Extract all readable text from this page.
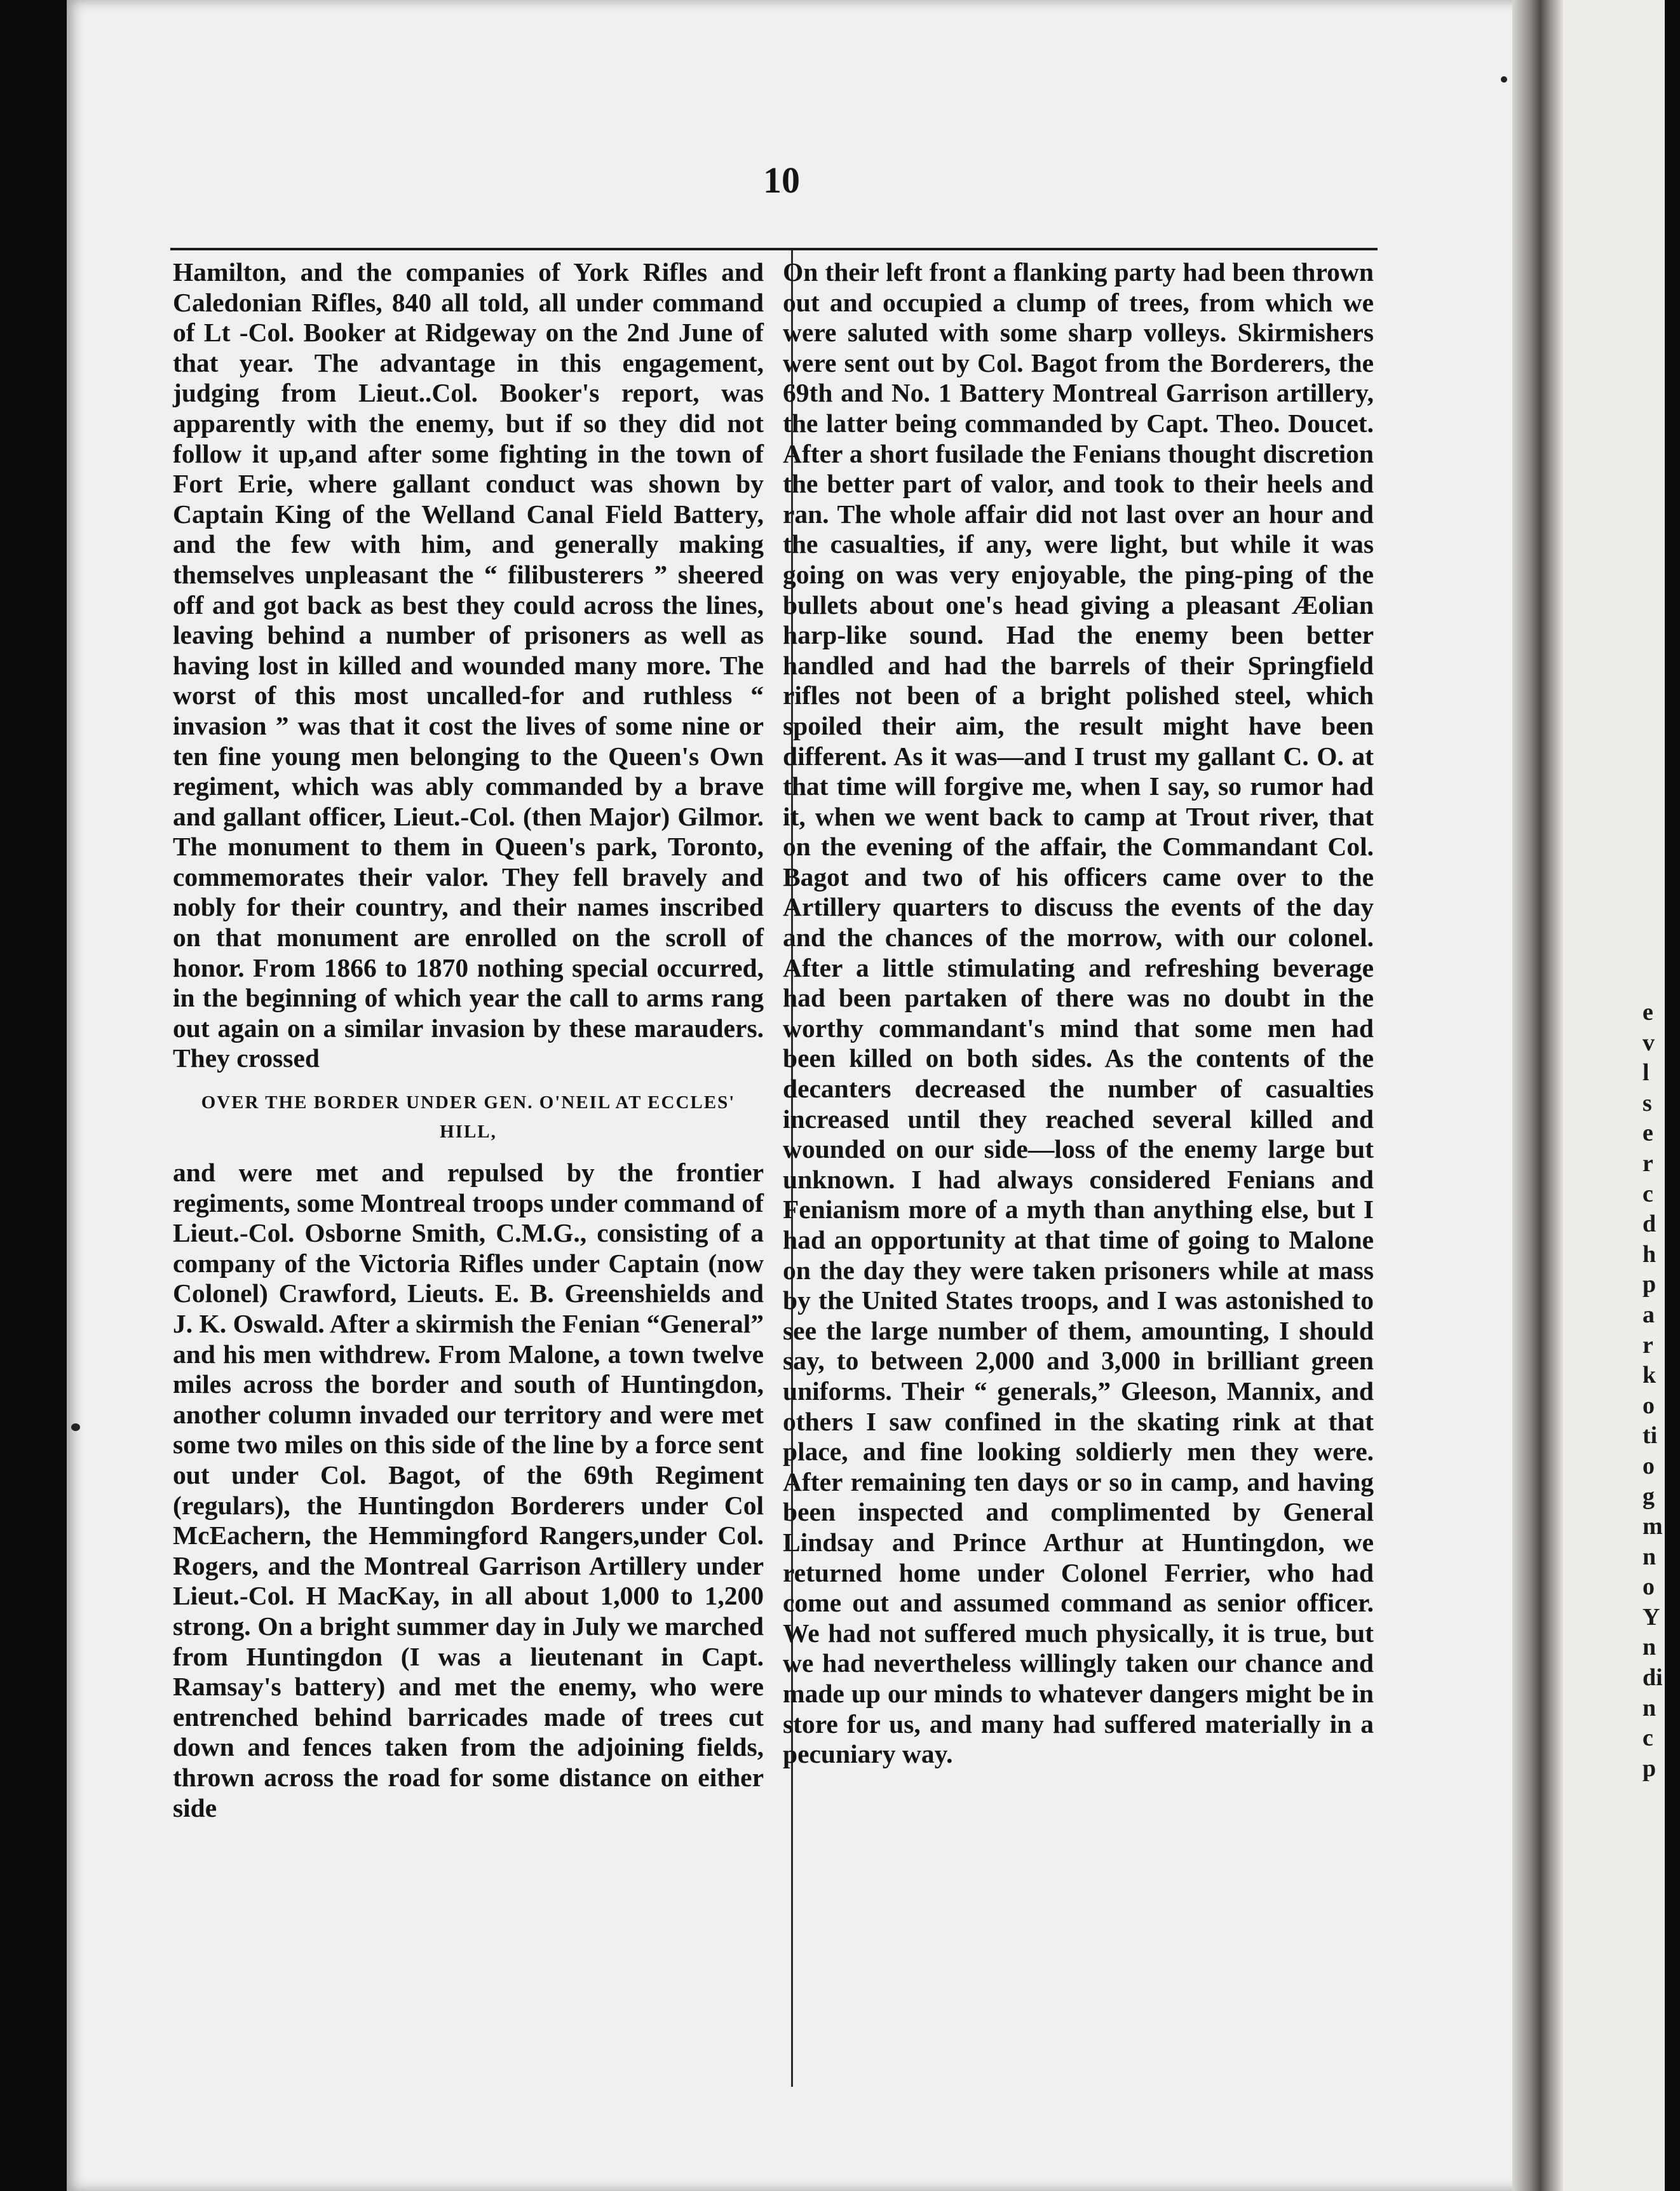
e
v
l
s
e
r
c
d
h
p
a
r
k
o
ti
o
g
m
n
o
Y
n
di
n
c
p
10

Hamilton, and the companies of York Rifles and Caledonian Rifles, 840 all told, all under command of Lt -Col. Booker at Ridgeway on the 2nd June of that year. The advantage in this engagement, judging from Lieut..Col. Booker's report, was apparently with the enemy, but if so they did not follow it up,and after some fighting in the town of Fort Erie, where gallant conduct was shown by Captain King of the Welland Canal Field Battery, and the few with him, and generally making themselves unpleasant the “ filibusterers ” sheered off and got back as best they could across the lines, leaving behind a number of prisoners as well as having lost in killed and wounded many more. The worst of this most uncalled-for and ruthless “ invasion ” was that it cost the lives of some nine or ten fine young men belonging to the Queen's Own regiment, which was ably commanded by a brave and gallant officer, Lieut.-Col. (then Major) Gilmor. The monument to them in Queen's park, Toronto, commemorates their valor. They fell bravely and nobly for their country, and their names inscribed on that monument are enrolled on the scroll of honor. From 1866 to 1870 nothing special occurred, in the beginning of which year the call to arms rang out again on a similar invasion by these marauders. They crossed

OVER THE BORDER UNDER GEN. O'NEIL AT ECCLES' HILL,

and were met and repulsed by the frontier regiments, some Montreal troops under command of Lieut.-Col. Osborne Smith, C.M.G., consisting of a company of the Victoria Rifles under Captain (now Colonel) Crawford, Lieuts. E. B. Greenshields and J. K. Oswald. After a skirmish the Fenian “General” and his men withdrew. From Malone, a town twelve miles across the border and south of Huntingdon, another column invaded our territory and were met some two miles on this side of the line by a force sent out under Col. Bagot, of the 69th Regiment (regulars), the Huntingdon Borderers under Col McEachern, the Hemmingford Rangers,under Col. Rogers, and the Montreal Garrison Artillery under Lieut.-Col. H MacKay, in all about 1,000 to 1,200 strong. On a bright summer day in July we marched from Huntingdon (I was a lieutenant in Capt. Ramsay's battery) and met the enemy, who were entrenched behind barricades made of trees cut down and fences taken from the adjoining fields, thrown across the road for some distance on either side

On their left front a flanking party had been thrown out and occupied a clump of trees, from which we were saluted with some sharp volleys. Skirmishers were sent out by Col. Bagot from the Borderers, the 69th and No. 1 Battery Montreal Garrison artillery, the latter being commanded by Capt. Theo. Doucet. After a short fusilade the Fenians thought discretion the better part of valor, and took to their heels and ran. The whole affair did not last over an hour and the casualties, if any, were light, but while it was going on was very enjoyable, the ping-ping of the bullets about one's head giving a pleasant Æolian harp-like sound. Had the enemy been better handled and had the barrels of their Springfield rifles not been of a bright polished steel, which spoiled their aim, the result might have been different. As it was—and I trust my gallant C. O. at that time will forgive me, when I say, so rumor had it, when we went back to camp at Trout river, that on the evening of the affair, the Commandant Col. Bagot and two of his officers came over to the Artillery quarters to discuss the events of the day and the chances of the morrow, with our colonel. After a little stimulating and refreshing beverage had been partaken of there was no doubt in the worthy commandant's mind that some men had been killed on both sides. As the contents of the decanters decreased the number of casualties increased until they reached several killed and wounded on our side—loss of the enemy large but unknown. I had always considered Fenians and Fenianism more of a myth than anything else, but I had an opportunity at that time of going to Malone on the day they were taken prisoners while at mass by the United States troops, and I was astonished to see the large number of them, amounting, I should say, to between 2,000 and 3,000 in brilliant green uniforms. Their “ generals,” Gleeson, Mannix, and others I saw confined in the skating rink at that place, and fine looking soldierly men they were. After remaining ten days or so in camp, and having been inspected and complimented by General Lindsay and Prince Arthur at Huntingdon, we returned home under Colonel Ferrier, who had come out and assumed command as senior officer. We had not suffered much physically, it is true, but we had nevertheless willingly taken our chance and made up our minds to whatever dangers might be in store for us, and many had suffered materially in a pecuniary way.
